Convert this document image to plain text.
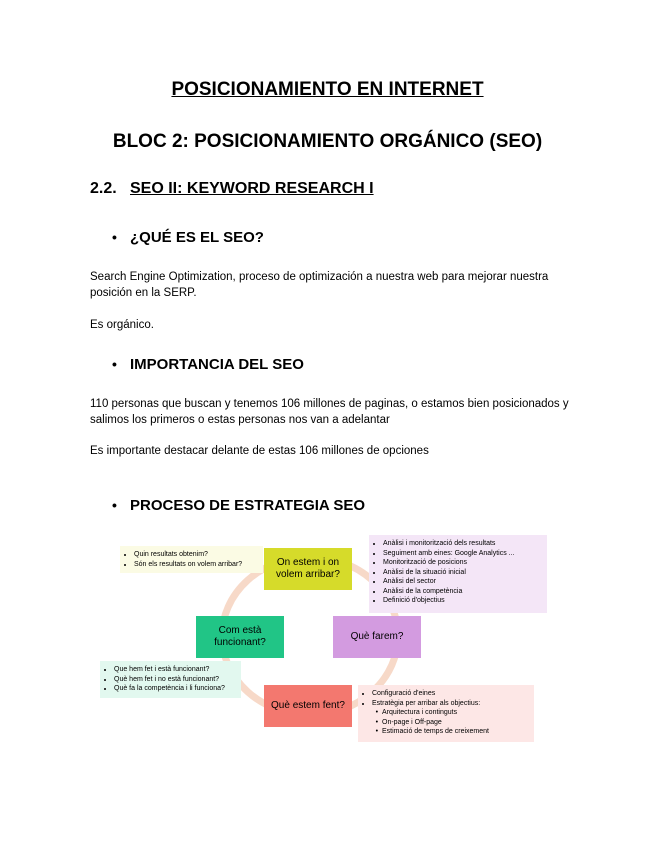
POSICIONAMIENTO EN INTERNET
BLOC 2: POSICIONAMIENTO ORGÁNICO (SEO)
2.2. SEO II: KEYWORD RESEARCH I
• ¿QUÉ ES EL SEO?

Search Engine Optimization, proceso de optimización a nuestra web para mejorar nuestra posición en la SERP.

Es orgánico.

• IMPORTANCIA DEL SEO

110 personas que buscan y tenemos 106 millones de paginas, o estamos bien posicionados y salimos los primeros o estas personas nos van a adelantar

Es importante destacar delante de estas 106 millones de opciones

• PROCESO DE ESTRATEGIA SEO
On estem i on volem arribar?
Què farem?
Què estem fent?
Com està funcionant?
• Quin resultats obtenim?
• Són els resultats on volem arribar?
• Anàlisi i monitorització dels resultats
• Seguiment amb eines: Google Analytics ...
• Monitorització de posicions
• Anàlisi de la situació inicial
• Anàlisi del sector
• Anàlisi de la competència
• Definició d'objectius
• Que hem fet i està funcionant?
• Què hem fet i no està funcionant?
• Què fa la competència i li funciona?
• Configuració d'eines
• Estratègia per arribar als objectius:
• Arquitectura i continguts
• On-page i Off-page
• Estimació de temps de creixement
